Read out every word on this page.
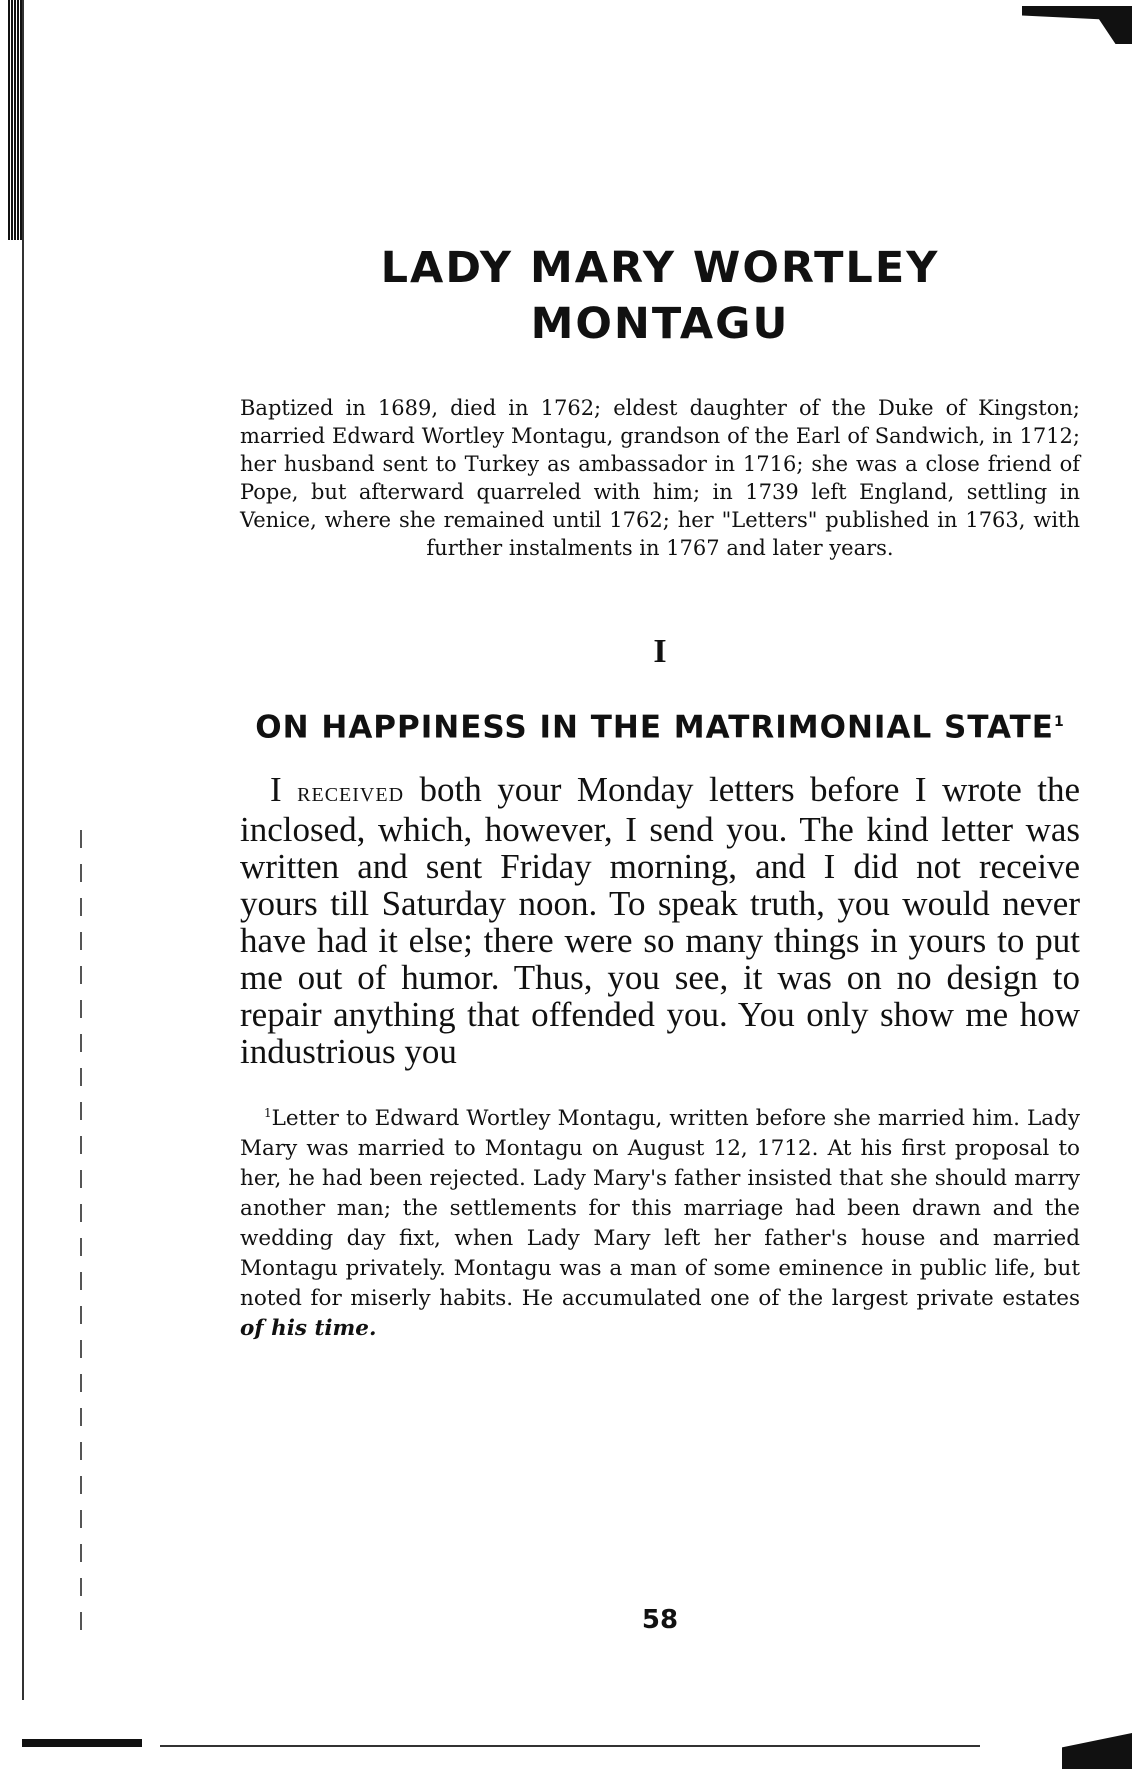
LADY MARY WORTLEY
MONTAGU

Baptized in 1689, died in 1762; eldest daughter of the Duke of Kingston; married Edward Wortley Montagu, grandson of the Earl of Sandwich, in 1712; her husband sent to Turkey as ambassador in 1716; she was a close friend of Pope, but afterward quarreled with him; in 1739 left England, settling in Venice, where she remained until 1762; her "Letters" published in 1763, with further instalments in 1767 and later years.

I
ON HAPPINESS IN THE MATRIMONIAL STATE$^1$

I received both your Monday letters before I wrote the inclosed, which, however, I send you. The kind letter was written and sent Friday morning, and I did not receive yours till Saturday noon. To speak truth, you would never have had it else; there were so many things in yours to put me out of humor. Thus, you see, it was on no design to repair anything that offended you. You only show me how industrious you

$^1$Letter to Edward Wortley Montagu, written before she married him. Lady Mary was married to Montagu on August 12, 1712. At his first proposal to her, he had been rejected. Lady Mary's father insisted that she should marry another man; the settlements for this marriage had been drawn and the wedding day fixt, when Lady Mary left her father's house and married Montagu privately. Montagu was a man of some eminence in public life, but noted for miserly habits. He accumulated one of the largest private estates of his time.

58
